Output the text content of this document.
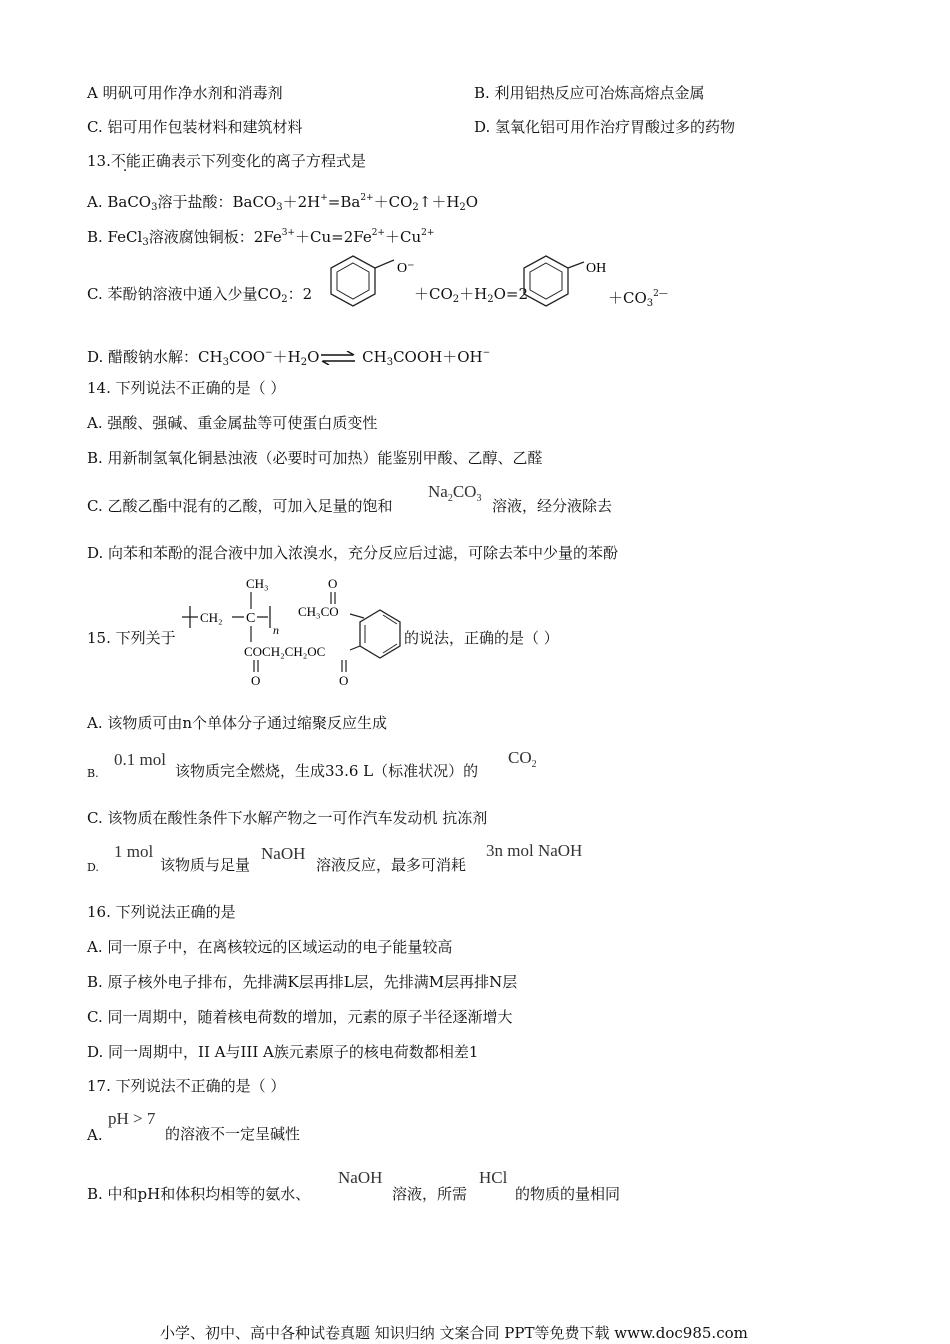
A 明矾可用作净水剂和消毒剂	B. 利用铝热反应可冶炼高熔点金属
C. 铝可用作包装材料和建筑材料	D. 氢氧化铝可用作治疗胃酸过多的药物
13.不能正确表示下列变化的离子方程式是
A. BaCO$_3$溶于盐酸：$BaCO_3+2H^+=Ba^{2+}+CO_2↑+H_2O$
B. FeCl$_3$溶液腐蚀铜板：$2Fe^{3+}+Cu=2Fe^{2+}+Cu^{2+}$
C. 苯酚钠溶液中通入少量$CO_2$：2
O⁻
$+CO_2+H_2O=2$
OH
$+CO_3^{2—}$
D. 醋酸钠水解：$CH_3COO^-+H_2O\rightleftharpoons$ $CH_3COOH+OH^-$
14. 下列说法不正确的是（ ）
A. 强酸、强碱、重金属盐等可使蛋白质变性
B. 用新制氢氧化铜悬浊液（必要时可加热）能鉴别甲酸、乙醇、乙醛
C. 乙酸乙酯中混有的乙酸，可加入足量的饱和
$Na_2CO_3$ 溶液，经分液除去
D. 向苯和苯酚的混合液中加入浓溴水，充分反应后过滤，可除去苯中少量的苯酚
15. 下列关于
CH₂ C
n
CH₃
COCH₂CH₂OC
O	O
CH₃CO
O
的说法，正确的是（ ）
A. 该物质可由n个单体分子通过缩聚反应生成
B.
0.1 mol
该物质完全燃烧，生成33.6 L（标准状况）的
$CO_2$
C. 该物质在酸性条件下水解产物之一可作汽车发动机 抗冻剂
D.
1 mol
该物质与足量
NaOH
溶液反应，最多可消耗
3n mol NaOH
16. 下列说法正确的是
A. 同一原子中，在离核较远的区域运动的电子能量较高
B. 原子核外电子排布，先排满K层再排L层，先排满M层再排N层
C. 同一周期中，随着核电荷数的增加，元素的原子半径逐渐增大
D. 同一周期中，II A与III A族元素原子的核电荷数都相差1
17. 下列说法不正确的是（ ）
A.
pH > 7
的溶液不一定呈碱性
B. 中和pH和体积均相等的氨水、
NaOH
溶液，所需
HCl
的物质的量相同
小学、初中、高中各种试卷真题 知识归纳 文案合同 PPT等免费下载 www.doc985.com
